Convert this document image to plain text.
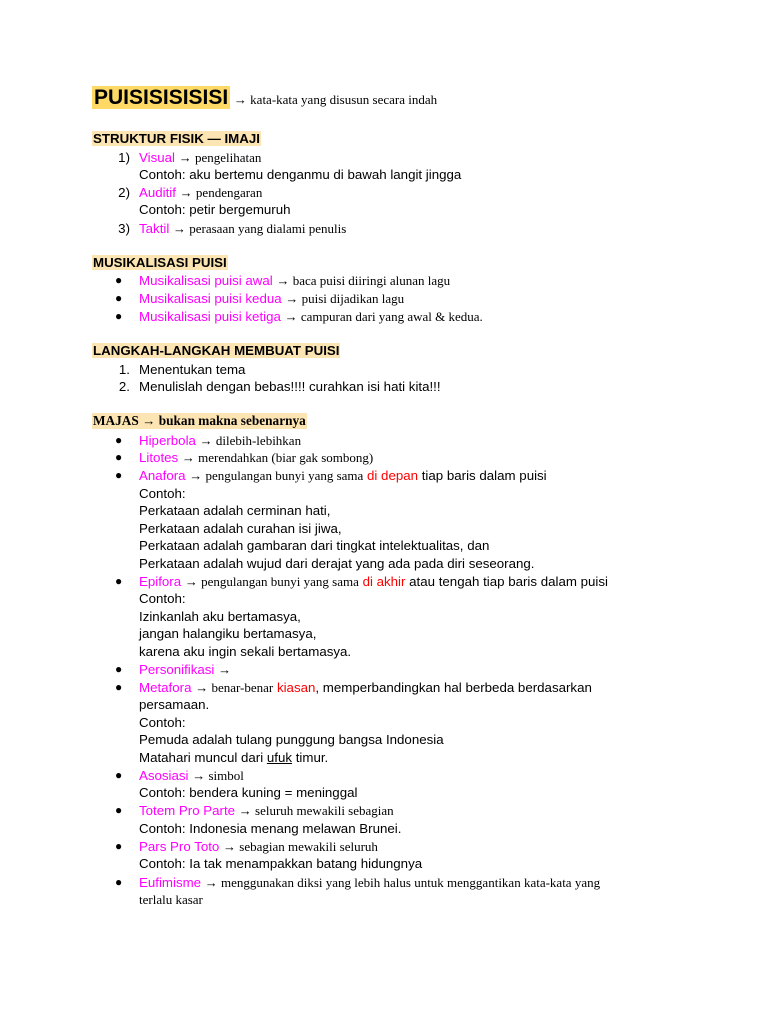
PUISISISISISI → kata-kata yang disusun secara indah
STRUKTUR FISIK — IMAJI
1) Visual → pengelihatan
Contoh: aku bertemu denganmu di bawah langit jingga
2) Auditif → pendengaran
Contoh: petir bergemuruh
3) Taktil → perasaan yang dialami penulis
MUSIKALISASI PUISI
● Musikalisasi puisi awal → baca puisi diiringi alunan lagu
● Musikalisasi puisi kedua → puisi dijadikan lagu
● Musikalisasi puisi ketiga → campuran dari yang awal & kedua.
LANGKAH-LANGKAH MEMBUAT PUISI
1. Menentukan tema
2. Menulislah dengan bebas!!!! curahkan isi hati kita!!!
MAJAS → bukan makna sebenarnya
● Hiperbola → dilebih-lebihkan
● Litotes → merendahkan (biar gak sombong)
● Anafora → pengulangan bunyi yang sama di depan tiap baris dalam puisi
Contoh:
Perkataan adalah cerminan hati,
Perkataan adalah curahan isi jiwa,
Perkataan adalah gambaran dari tingkat intelektualitas, dan
Perkataan adalah wujud dari derajat yang ada pada diri seseorang.
● Epifora → pengulangan bunyi yang sama di akhir atau tengah tiap baris dalam puisi
Contoh:
Izinkanlah aku bertamasya,
jangan halangiku bertamasya,
karena aku ingin sekali bertamasya.
● Personifikasi →
● Metafora → benar-benar kiasan, memperbandingkan hal berbeda berdasarkan
persamaan.
Contoh:
Pemuda adalah tulang punggung bangsa Indonesia
Matahari muncul dari ufuk timur.
● Asosiasi → simbol
Contoh: bendera kuning = meninggal
● Totem Pro Parte → seluruh mewakili sebagian
Contoh: Indonesia menang melawan Brunei.
● Pars Pro Toto → sebagian mewakili seluruh
Contoh: Ia tak menampakkan batang hidungnya
● Eufimisme → menggunakan diksi yang lebih halus untuk menggantikan kata-kata yang
terlalu kasar
